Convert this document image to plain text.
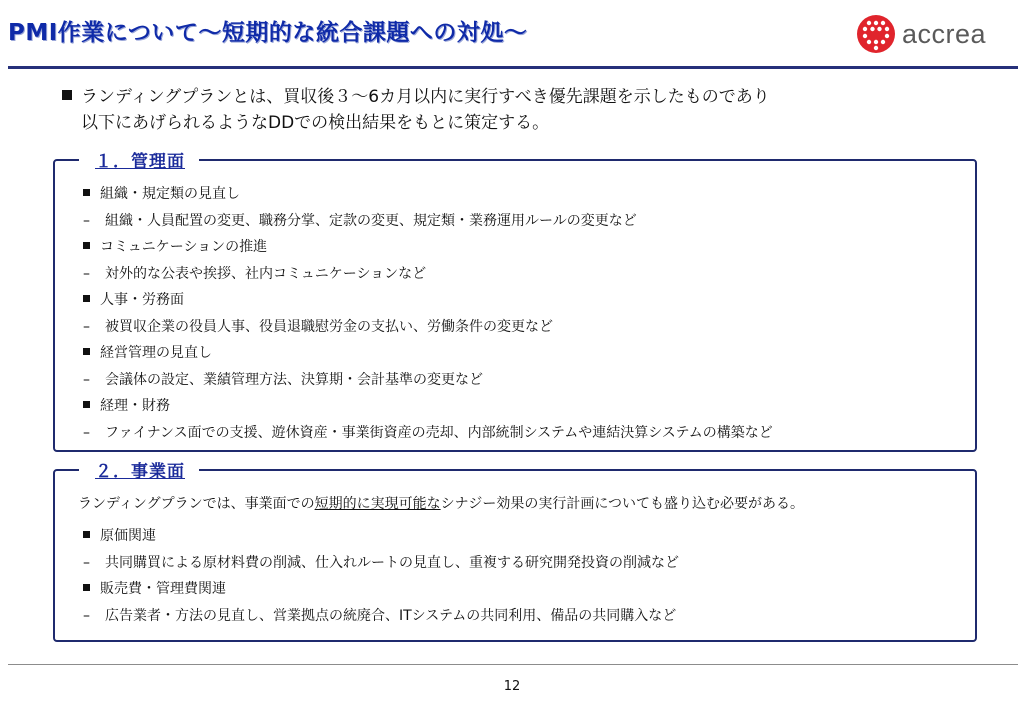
PMI作業について～短期的な統合課題への対処～	accrea
ランディングプランとは、買収後３～6カ月以内に実行すべき優先課題を示したものであり
以下にあげられるようなDDでの検出結果をもとに策定する。
１．管理面
組織・規定類の見直し
– 組織・人員配置の変更、職務分掌、定款の変更、規定類・業務運用ルールの変更など
コミュニケーションの推進
– 対外的な公表や挨拶、社内コミュニケーションなど
人事・労務面
– 被買収企業の役員人事、役員退職慰労金の支払い、労働条件の変更など
経営管理の見直し
– 会議体の設定、業績管理方法、決算期・会計基準の変更など
経理・財務
– ファイナンス面での支援、遊休資産・事業街資産の売却、内部統制システムや連結決算システムの構築など
２．事業面
ランディングプランでは、事業面での短期的に実現可能なシナジー効果の実行計画についても盛り込む必要がある。
原価関連
– 共同購買による原材料費の削減、仕入れルートの見直し、重複する研究開発投資の削減など
販売費・管理費関連
– 広告業者・方法の見直し、営業拠点の統廃合、ITシステムの共同利用、備品の共同購入など
12
